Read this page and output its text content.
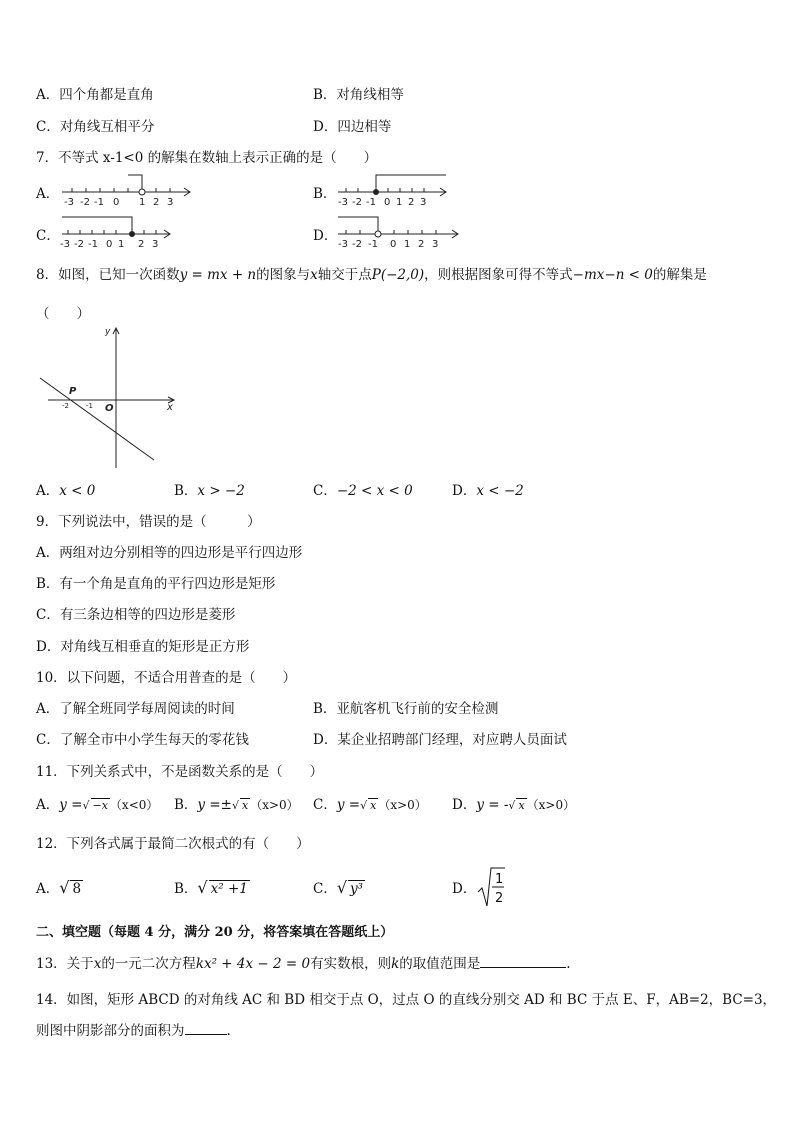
A．四个角都是直角	B．对角线相等
C．对角线互相平分	D．四边相等
7．不等式 x-1<0 的解集在数轴上表示正确的是（　　）
A．
-3 -2 -1 0 1 2 3
B．
-3 -2 -1 0 1 2 3
C．
-3 -2 -1 0 1 2 3
D．
-3 -2 -1 0 1 2 3
8．如图，已知一次函数y = mx + n的图象与x轴交于点P(−2,0)，则根据图象可得不等式−mx−n < 0的解集是
（　　）
y
x
O
P
-2 -1
A．x < 0	B．x > −2	C．−2 < x < 0	D．x < −2
9．下列说法中，错误的是（　　　）
A．两组对边分别相等的四边形是平行四边形
B．有一个角是直角的平行四边形是矩形
C．有三条边相等的四边形是菱形
D．对角线互相垂直的矩形是正方形
10．以下问题，不适合用普查的是（　　）
A．了解全班同学每周阅读的时间	B．亚航客机飞行前的安全检测
C．了解全市中小学生每天的零花钱	D．某企业招聘部门经理，对应聘人员面试
11．下列关系式中，不是函数关系的是（　　）
A．y =√ −x （x<0） B．y =±√ x （x>0） C．y =√ x （x>0） D．y = -√ x （x>0）
12．下列各式属于最简二次根式的有（　　）
A．√ 8	B．√ x² +1	C．√ y³	D．
1
2
二、填空题（每题 4 分，满分 20 分，将答案填在答题纸上）
13．关于x的一元二次方程kx² + 4x − 2 = 0有实数根，则k的取值范围是	.
14．如图，矩形 ABCD 的对角线 AC 和 BD 相交于点 O，过点 O 的直线分别交 AD 和 BC 于点 E、F，AB=2，BC=3，
则图中阴影部分的面积为	.
